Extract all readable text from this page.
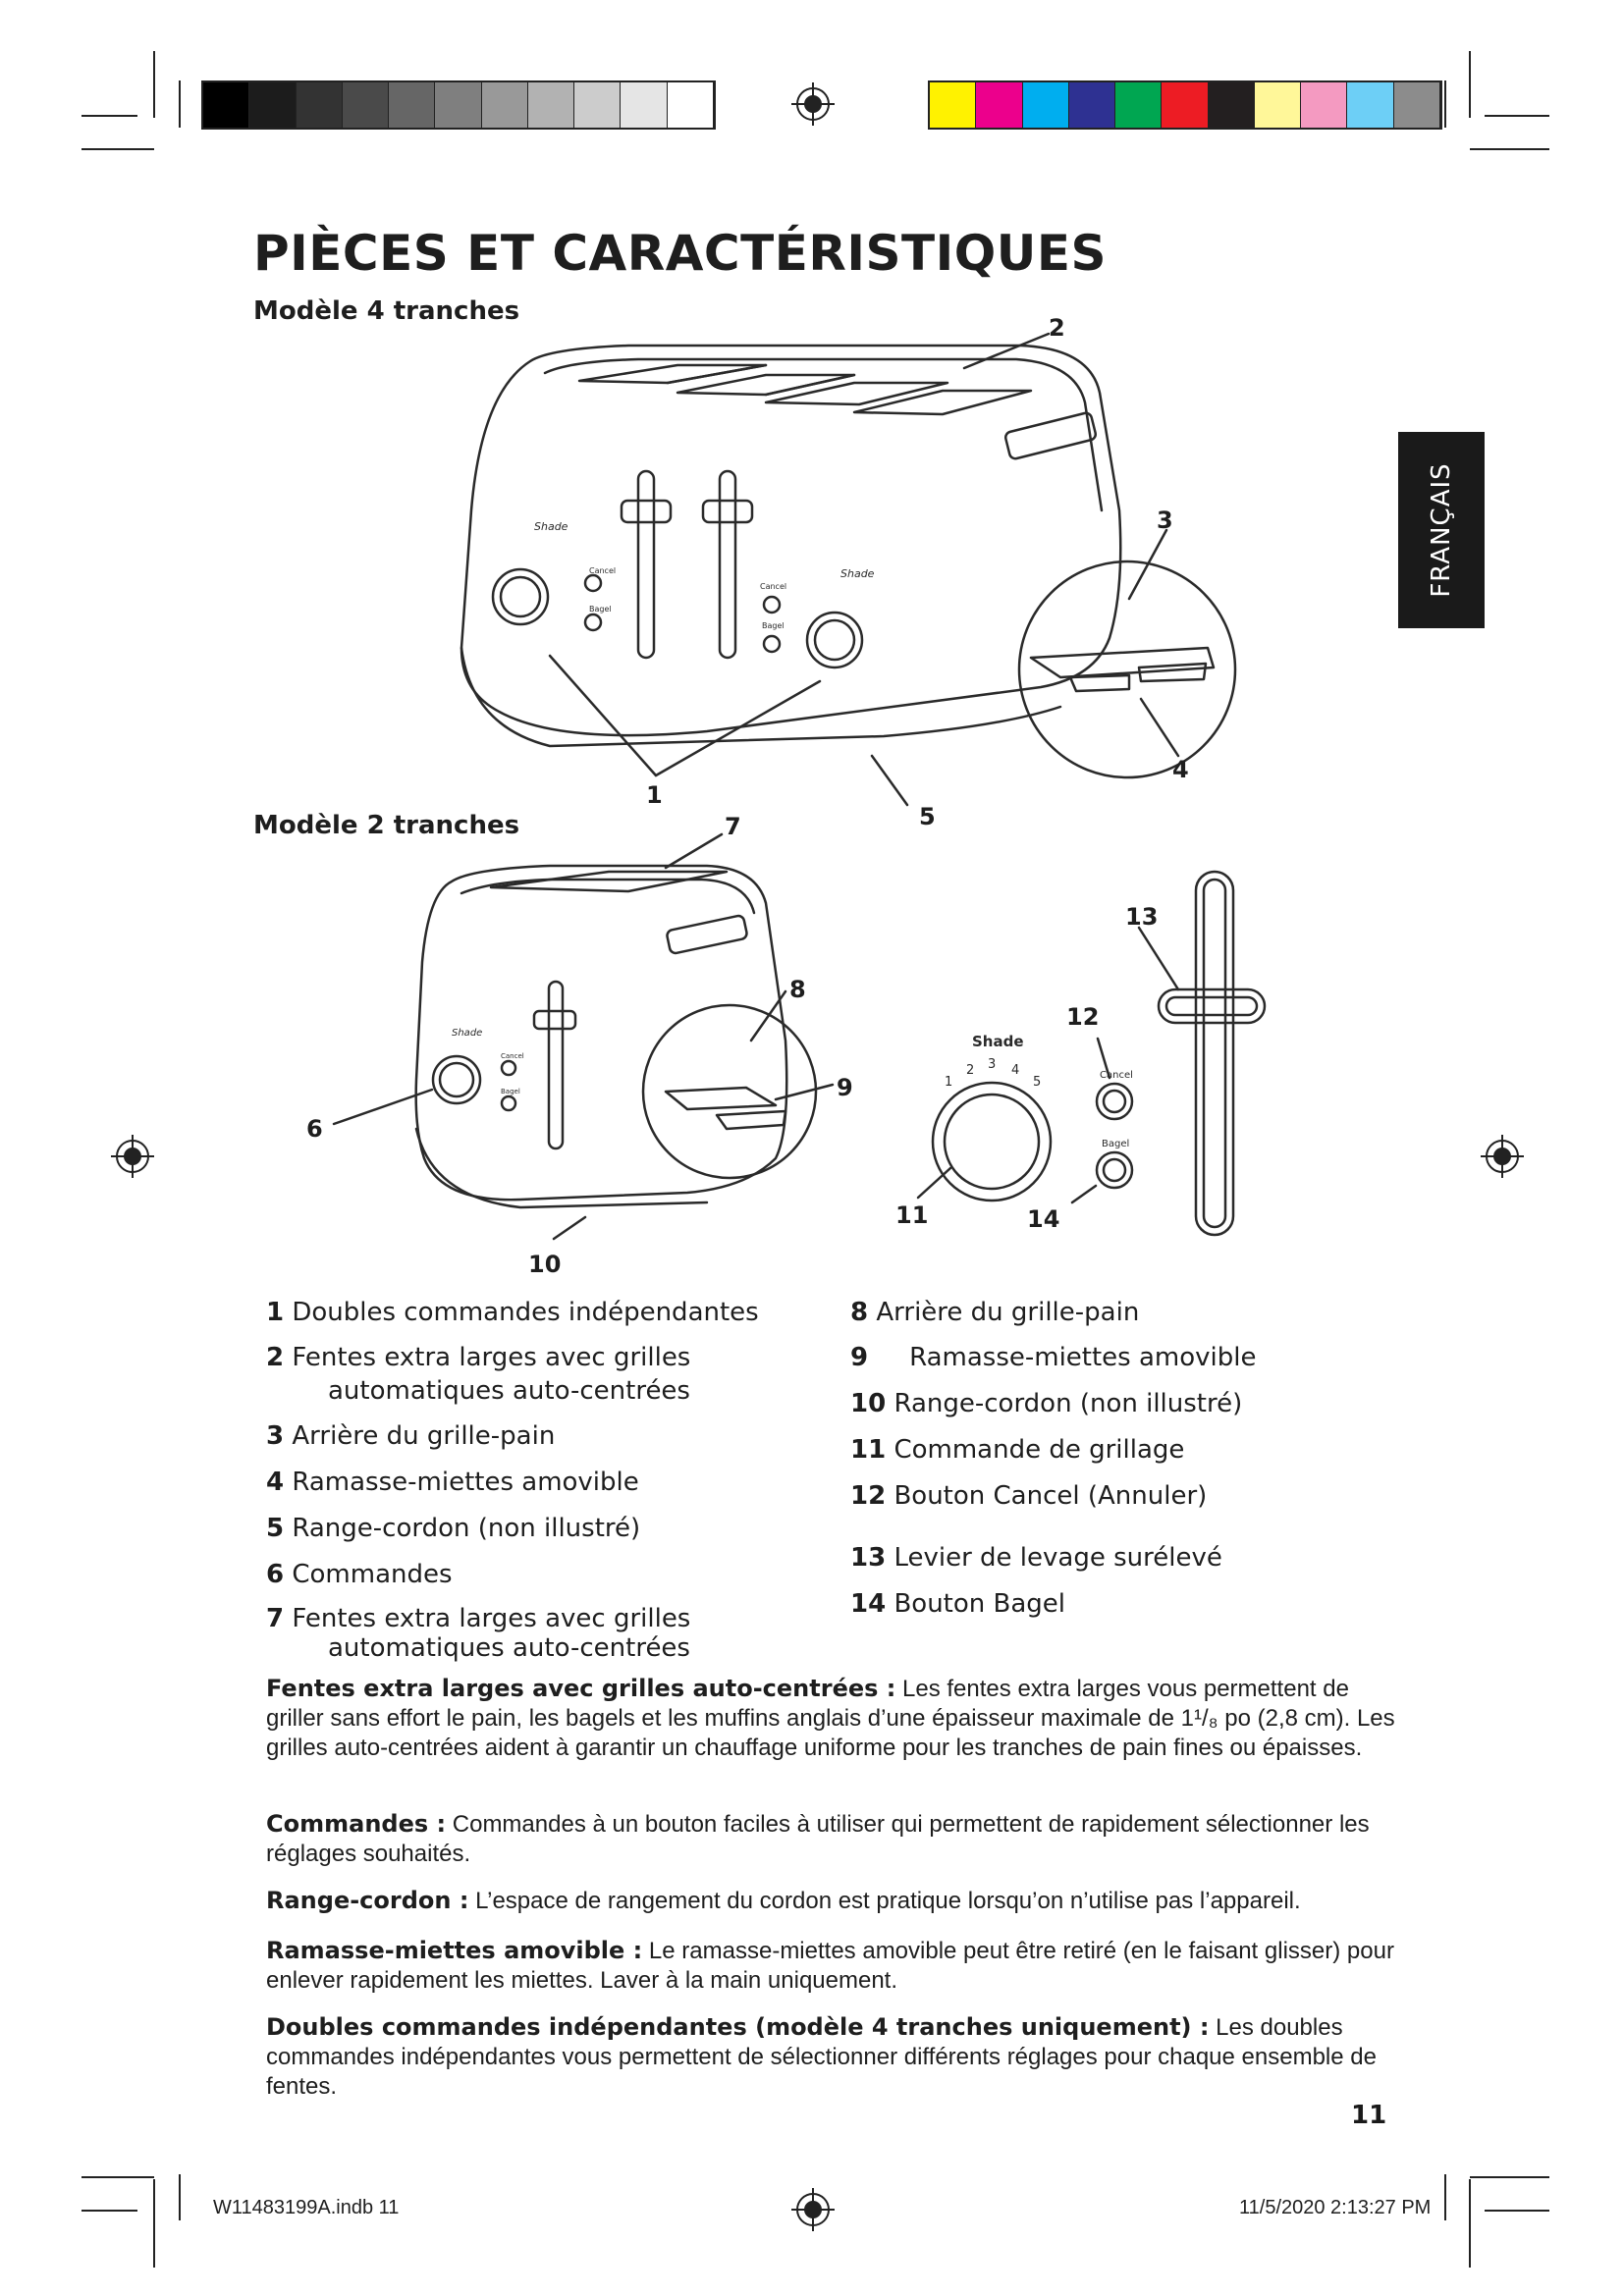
PIÈCES ET CARACTÉRISTIQUES
Modèle 4 tranches
Modèle 2 tranches
FRANÇAIS
Shade
Cancel
Bagel
Shade
Cancel
Bagel
1
2
3
4
5
Shade
Cancel
Bagel
Shade
1
2 3 4
5	Cancel
Bagel
6
7
8
9
10
11
12
13
14
1 Doubles commandes indépendantes
2 Fentes extra larges avec grilles
automatiques auto-centrées
3 Arrière du grille-pain
4 Ramasse-miettes amovible
5 Range-cordon (non illustré)
6 Commandes
7 Fentes extra larges avec grilles
automatiques auto-centrées
8 Arrière du grille-pain
9 Ramasse-miettes amovible
10 Range-cordon (non illustré)
11 Commande de grillage
12 Bouton Cancel (Annuler)
13 Levier de levage surélevé
14 Bouton Bagel

Fentes extra larges avec grilles auto-centrées : Les fentes extra larges vous permettent de griller sans effort le pain, les bagels et les muffins anglais d’une épaisseur maximale de 1¹/₈ po (2,8 cm). Les grilles auto-centrées aident à garantir un chauffage uniforme pour les tranches de pain fines ou épaisses.

Commandes : Commandes à un bouton faciles à utiliser qui permettent de rapidement sélectionner les réglages souhaités.

Range-cordon : L’espace de rangement du cordon est pratique lorsqu’on n’utilise pas l’appareil.

Ramasse-miettes amovible : Le ramasse-miettes amovible peut être retiré (en le faisant glisser) pour enlever rapidement les miettes. Laver à la main uniquement.

Doubles commandes indépendantes (modèle 4 tranches uniquement) : Les doubles commandes indépendantes vous permettent de sélectionner différents réglages pour chaque ensemble de fentes.

11
W11483199A.indb 11	11/5/2020 2:13:27 PM
